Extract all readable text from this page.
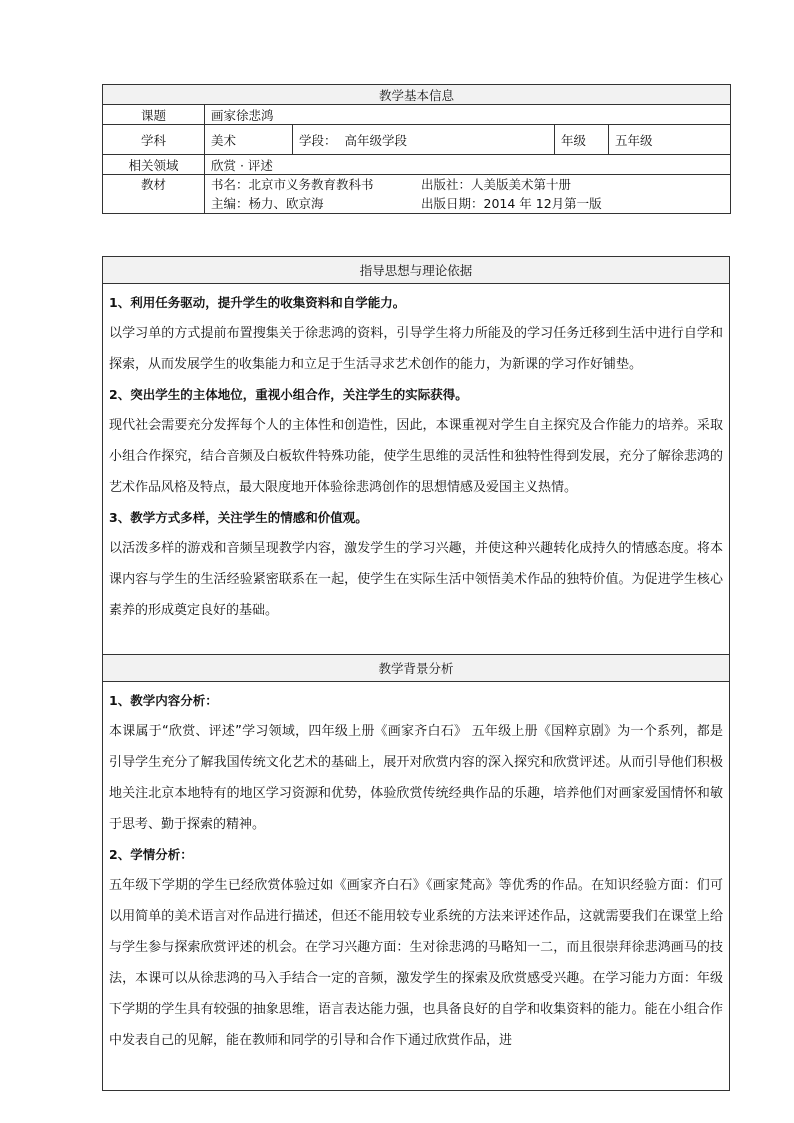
教学基本信息				
课题	画家徐悲鸿			
学科	美术	学段： 高年级学段	年级	五年级
相关领域	欣赏 · 评述			
教材	书名：北京市义务教育教科书 出版社：人美版美术第十册
主编：杨力、欧京海 出版日期：2014 年 12月第一版			
指导思想与理论依据

1、利用任务驱动，提升学生的收集资料和自学能力。
以学习单的方式提前布置搜集关于徐悲鸿的资料，引导学生将力所能及的学习任务迁移到生活中进行自学和探索，从而发展学生的收集能力和立足于生活寻求艺术创作的能力，为新课的学习作好铺垫。
2、突出学生的主体地位，重视小组合作，关注学生的实际获得。
现代社会需要充分发挥每个人的主体性和创造性，因此，本课重视对学生自主探究及合作能力的培养。采取小组合作探究，结合音频及白板软件特殊功能，使学生思维的灵活性和独特性得到发展，充分了解徐悲鸿的艺术作品风格及特点，最大限度地开体验徐悲鸿创作的思想情感及爱国主义热情。
3、教学方式多样，关注学生的情感和价值观。
以活泼多样的游戏和音频呈现教学内容，激发学生的学习兴趣，并使这种兴趣转化成持久的情感态度。将本课内容与学生的生活经验紧密联系在一起，使学生在实际生活中领悟美术作品的独特价值。为促进学生核心素养的形成奠定良好的基础。

教学背景分析

1、教学内容分析：
本课属于“欣赏、评述”学习领域，四年级上册《画家齐白石》 五年级上册《国粹京剧》为一个系列，都是引导学生充分了解我国传统文化艺术的基础上，展开对欣赏内容的深入探究和欣赏评述。从而引导他们积极地关注北京本地特有的地区学习资源和优势，体验欣赏传统经典作品的乐趣，培养他们对画家爱国情怀和敏于思考、勤于探索的精神。
2、学情分析：
五年级下学期的学生已经欣赏体验过如《画家齐白石》《画家梵高》等优秀的作品。在知识经验方面：们可以用简单的美术语言对作品进行描述，但还不能用较专业系统的方法来评述作品，这就需要我们在课堂上给与学生参与探索欣赏评述的机会。在学习兴趣方面：生对徐悲鸿的马略知一二，而且很崇拜徐悲鸿画马的技法，本课可以从徐悲鸿的马入手结合一定的音频，激发学生的探索及欣赏感受兴趣。在学习能力方面：年级下学期的学生具有较强的抽象思维，语言表达能力强，也具备良好的自学和收集资料的能力。能在小组合作中发表自己的见解，能在教师和同学的引导和合作下通过欣赏作品，进
